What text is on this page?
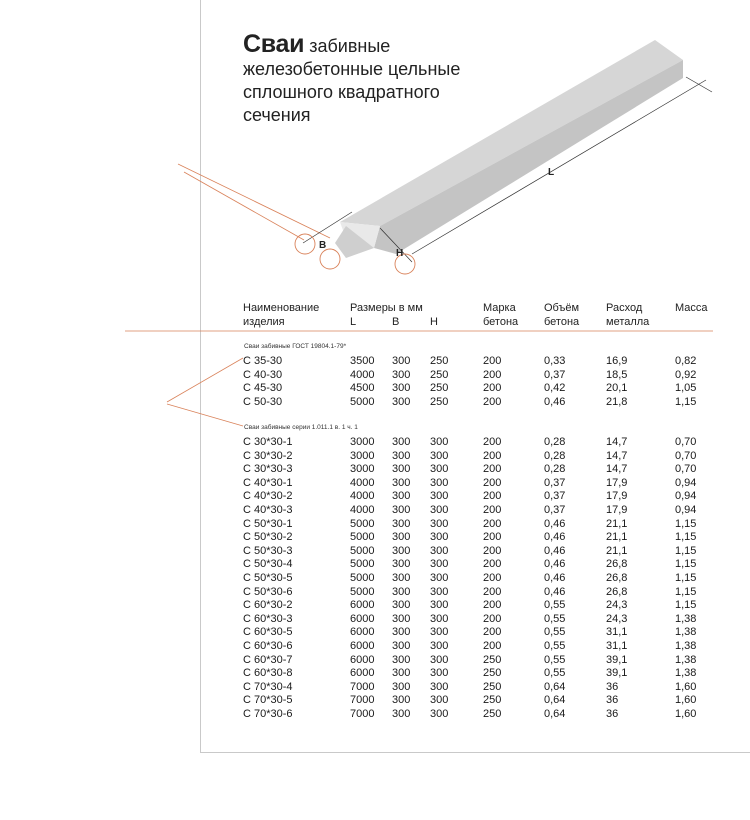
B
H
L
Сваи забивные железобетонные цельные сплошного квадратного сечения
Наименование
изделия
Размеры в мм
L	B	H
Марка
бетона
Объём
бетона
Расход
металла
Масса
Сваи забивные ГОСТ 19804.1-79*
Сваи забивные серии 1.011.1 в. 1 ч. 1
С 35-30	3500 300 250	200	0,33	16,9	0,82
С 40-30	4000 300 250	200	0,37	18,5	0,92
С 45-30	4500 300 250	200	0,42	20,1	1,05
С 50-30	5000 300 250	200	0,46	21,8	1,15
С 30*30-1	3000 300 300	200	0,28	14,7	0,70
С 30*30-2	3000 300 300	200	0,28	14,7	0,70
С 30*30-3	3000 300 300	200	0,28	14,7	0,70
С 40*30-1	4000 300 300	200	0,37	17,9	0,94
С 40*30-2	4000 300 300	200	0,37	17,9	0,94
С 40*30-3	4000 300 300	200	0,37	17,9	0,94
С 50*30-1	5000 300 300	200	0,46	21,1	1,15
С 50*30-2	5000 300 300	200	0,46	21,1	1,15
С 50*30-3	5000 300 300	200	0,46	21,1	1,15
С 50*30-4	5000 300 300	200	0,46	26,8	1,15
С 50*30-5	5000 300 300	200	0,46	26,8	1,15
С 50*30-6	5000 300 300	200	0,46	26,8	1,15
С 60*30-2	6000 300 300	200	0,55	24,3	1,15
С 60*30-3	6000 300 300	200	0,55	24,3	1,38
С 60*30-5	6000 300 300	200	0,55	31,1	1,38
С 60*30-6	6000 300 300	200	0,55	31,1	1,38
С 60*30-7	6000 300 300	250	0,55	39,1	1,38
С 60*30-8	6000 300 300	250	0,55	39,1	1,38
С 70*30-4	7000 300 300	250	0,64	36	1,60
С 70*30-5	7000 300 300	250	0,64	36	1,60
С 70*30-6	7000 300 300	250	0,64	36	1,60
